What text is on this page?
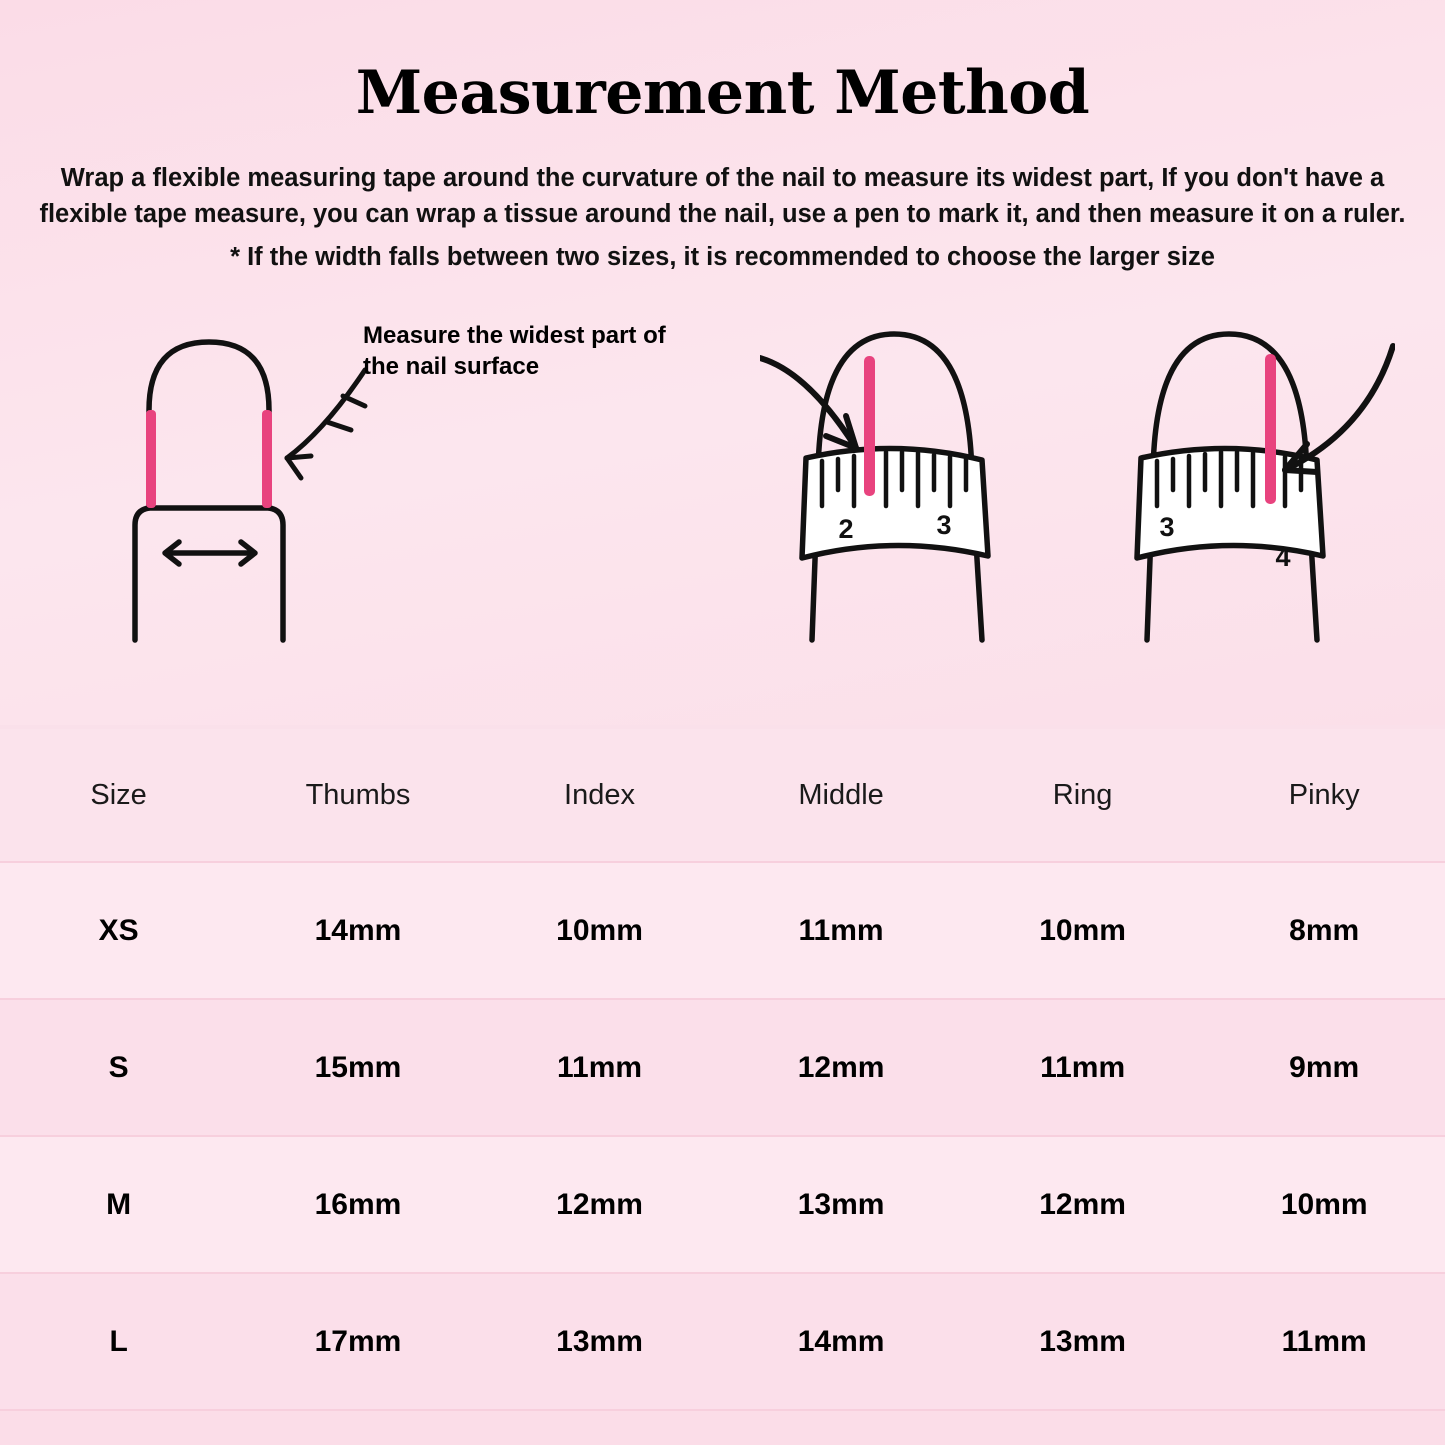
Measurement Method
Wrap a flexible measuring tape around the curvature of the nail to measure its widest part, If you don't have a flexible tape measure, you can wrap a tissue around the nail, use a pen to mark it, and then measure it on a ruler.
* If the width falls between two sizes, it is recommended to choose the larger size
Measure the widest part of the nail surface
2	3	3
4
Size	Thumbs	Index	Middle	Ring	Pinky
XS	14mm	10mm	11mm	10mm	8mm
S	15mm	11mm	12mm	11mm	9mm
M	16mm	12mm	13mm	12mm	10mm
L	17mm	13mm	14mm	13mm	11mm
